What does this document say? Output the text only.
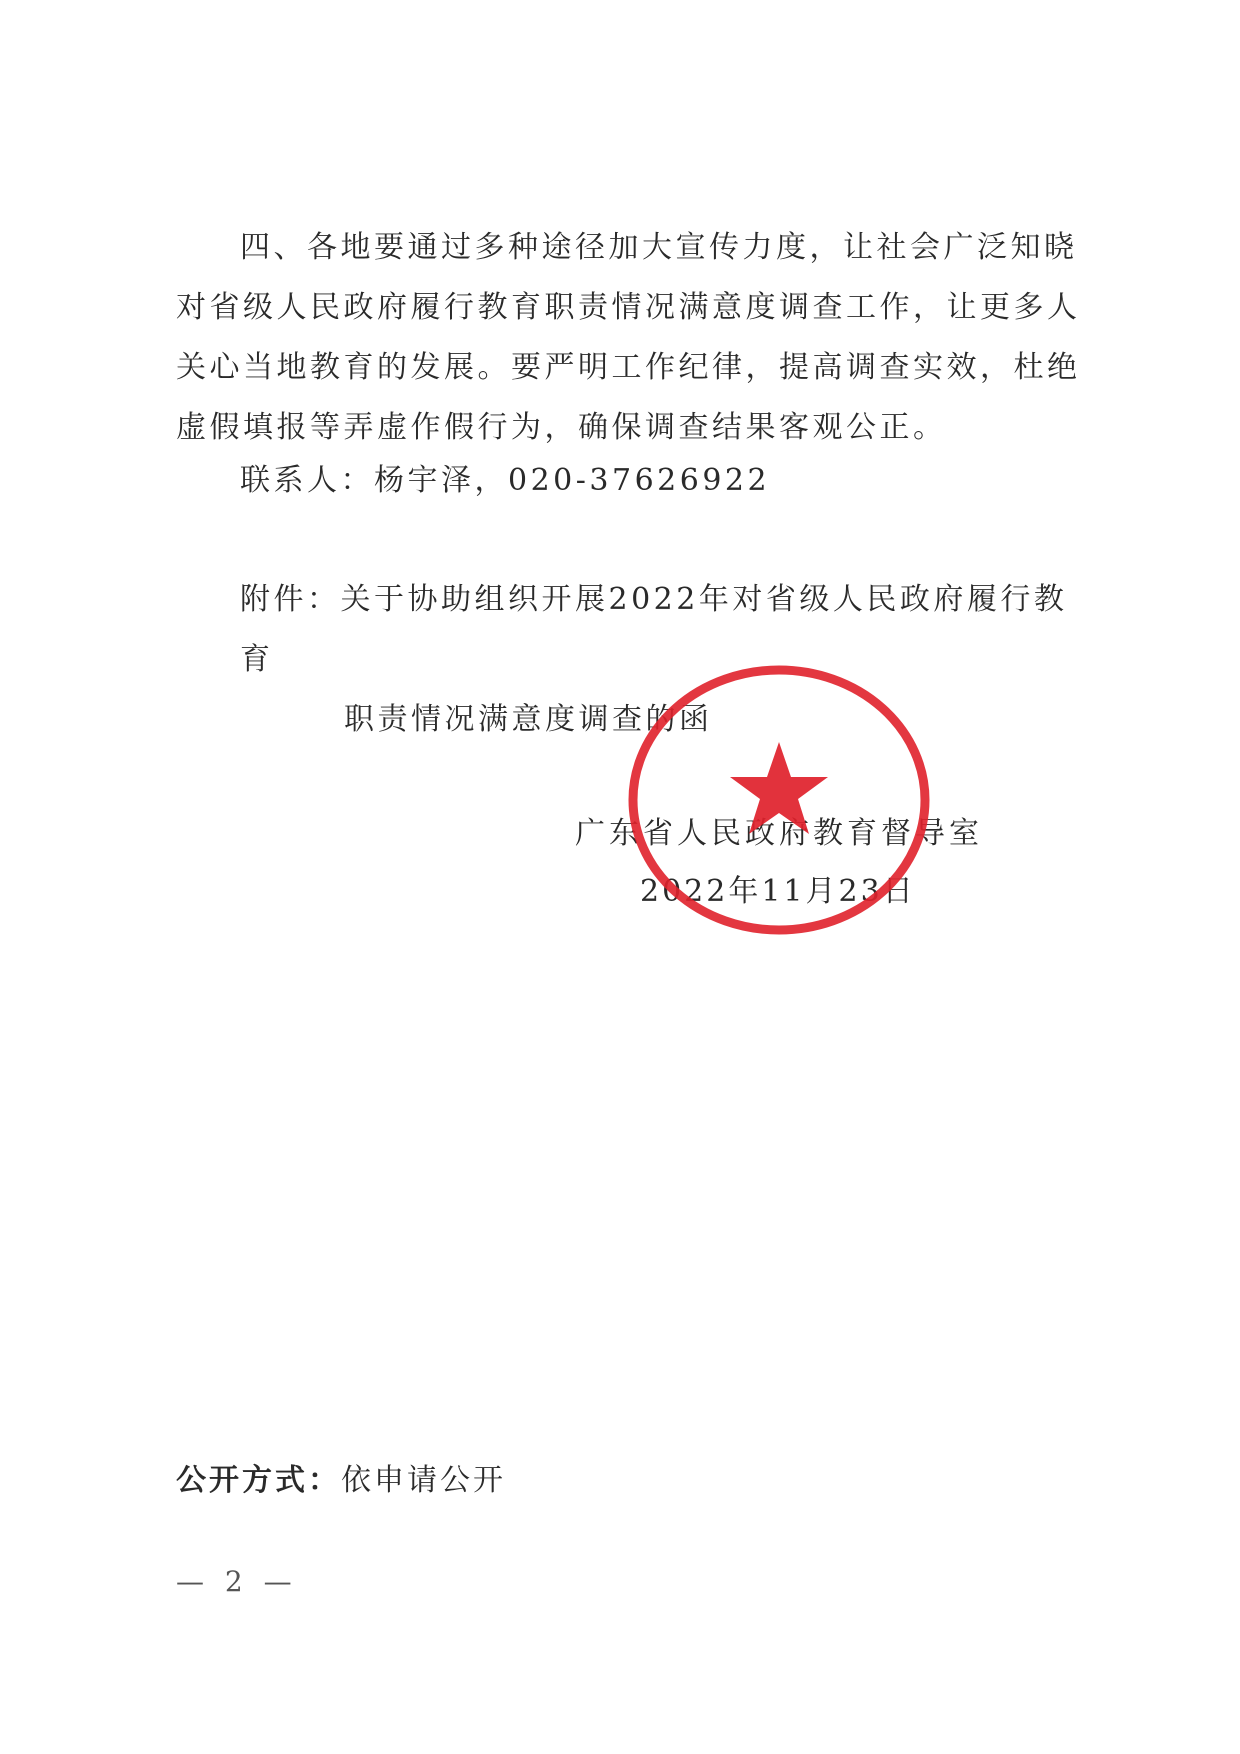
四、各地要通过多种途径加大宣传力度，让社会广泛知晓对省级人民政府履行教育职责情况满意度调查工作，让更多人关心当地教育的发展。要严明工作纪律，提高调查实效，杜绝虚假填报等弄虚作假行为，确保调查结果客观公正。

联系人：杨宇泽，020-37626922

附件：关于协助组织开展2022年对省级人民政府履行教育
职责情况满意度调查的函

广东省人民政府教育督导室

2022年11月23日

公开方式：依申请公开

— 2 —
